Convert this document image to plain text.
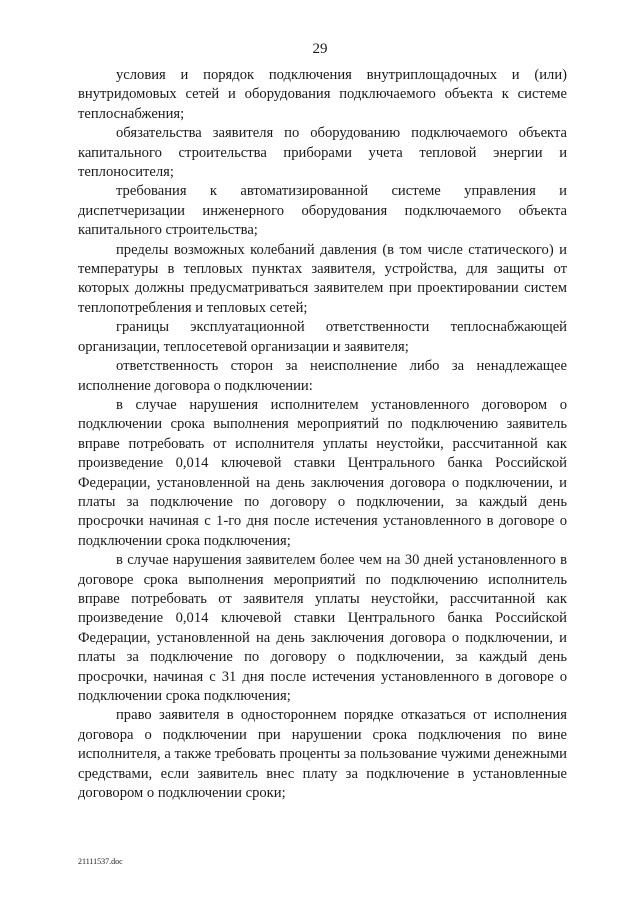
29

условия и порядок подключения внутриплощадочных и (или) внутридомовых сетей и оборудования подключаемого объекта к системе теплоснабжения;

обязательства заявителя по оборудованию подключаемого объекта капитального строительства приборами учета тепловой энергии и теплоносителя;

требования к автоматизированной системе управления и диспетчеризации инженерного оборудования подключаемого объекта капитального строительства;

пределы возможных колебаний давления (в том числе статического) и температуры в тепловых пунктах заявителя, устройства, для защиты от которых должны предусматриваться заявителем при проектировании систем теплопотребления и тепловых сетей;

границы эксплуатационной ответственности теплоснабжающей организации, теплосетевой организации и заявителя;

ответственность сторон за неисполнение либо за ненадлежащее исполнение договора о подключении:

в случае нарушения исполнителем установленного договором о подключении срока выполнения мероприятий по подключению заявитель вправе потребовать от исполнителя уплаты неустойки, рассчитанной как произведение 0,014 ключевой ставки Центрального банка Российской Федерации, установленной на день заключения договора о подключении, и платы за подключение по договору о подключении, за каждый день просрочки начиная с 1-го дня после истечения установленного в договоре о подключении срока подключения;

в случае нарушения заявителем более чем на 30 дней установленного в договоре срока выполнения мероприятий по подключению исполнитель вправе потребовать от заявителя уплаты неустойки, рассчитанной как произведение 0,014 ключевой ставки Центрального банка Российской Федерации, установленной на день заключения договора о подключении, и платы за подключение по договору о подключении, за каждый день просрочки, начиная с 31 дня после истечения установленного в договоре о подключении срока подключения;

право заявителя в одностороннем порядке отказаться от исполнения договора о подключении при нарушении срока подключения по вине исполнителя, а также требовать проценты за пользование чужими денежными средствами, если заявитель внес плату за подключение в установленные договором о подключении сроки;

21111537.doc
